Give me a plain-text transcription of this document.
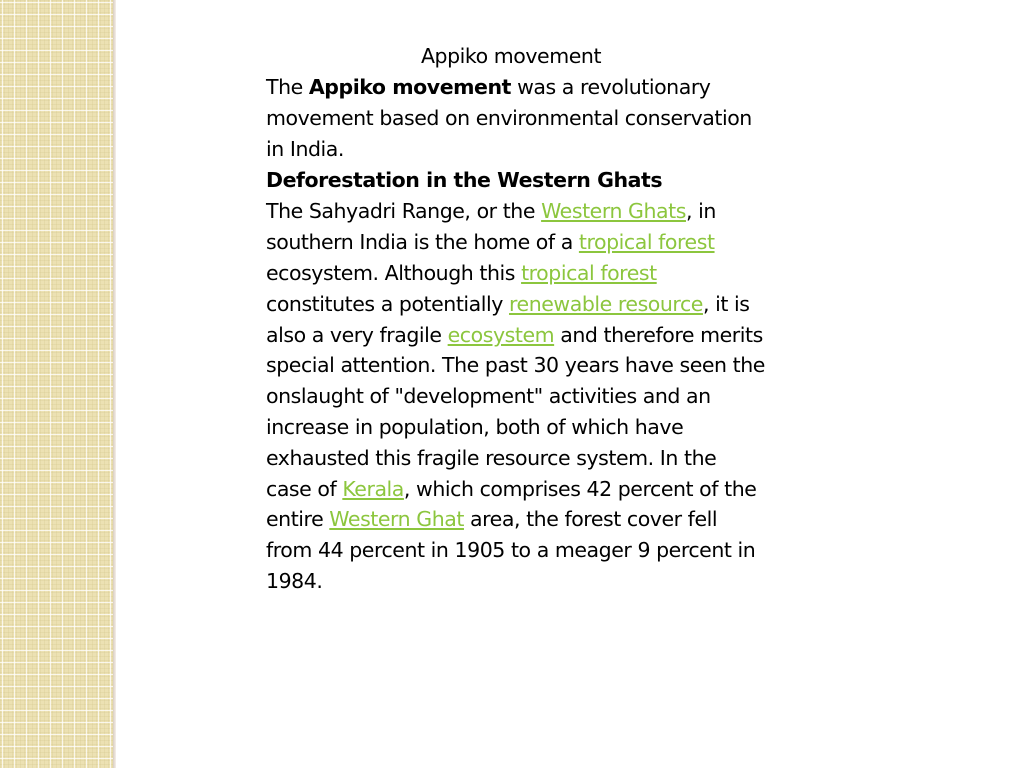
Appiko movement

The Appiko movement was a revolutionary movement based on environmental conservation in India.

Deforestation in the Western Ghats

The Sahyadri Range, or the Western Ghats, in southern India is the home of a tropical forest ecosystem. Although this tropical forest constitutes a potentially renewable resource, it is also a very fragile ecosystem and therefore merits special attention. The past 30 years have seen the onslaught of "development" activities and an increase in population, both of which have exhausted this fragile resource system. In the case of Kerala, which comprises 42 percent of the entire Western Ghat area, the forest cover fell from 44 percent in 1905 to a meager 9 percent in 1984.
